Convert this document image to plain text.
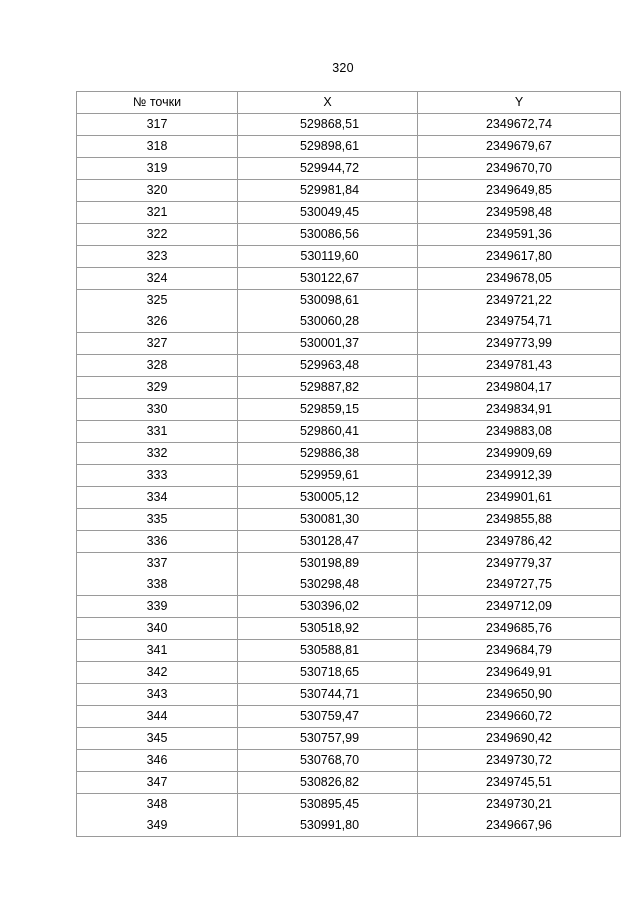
320
№ точки	X	Y
317	529868,51	2349672,74
318	529898,61	2349679,67
319	529944,72	2349670,70
320	529981,84	2349649,85
321	530049,45	2349598,48
322	530086,56	2349591,36
323	530119,60	2349617,80
324	530122,67	2349678,05
325	530098,61	2349721,22
326	530060,28	2349754,71
327	530001,37	2349773,99
328	529963,48	2349781,43
329	529887,82	2349804,17
330	529859,15	2349834,91
331	529860,41	2349883,08
332	529886,38	2349909,69
333	529959,61	2349912,39
334	530005,12	2349901,61
335	530081,30	2349855,88
336	530128,47	2349786,42
337	530198,89	2349779,37
338	530298,48	2349727,75
339	530396,02	2349712,09
340	530518,92	2349685,76
341	530588,81	2349684,79
342	530718,65	2349649,91
343	530744,71	2349650,90
344	530759,47	2349660,72
345	530757,99	2349690,42
346	530768,70	2349730,72
347	530826,82	2349745,51
348	530895,45	2349730,21
349	530991,80	2349667,96
